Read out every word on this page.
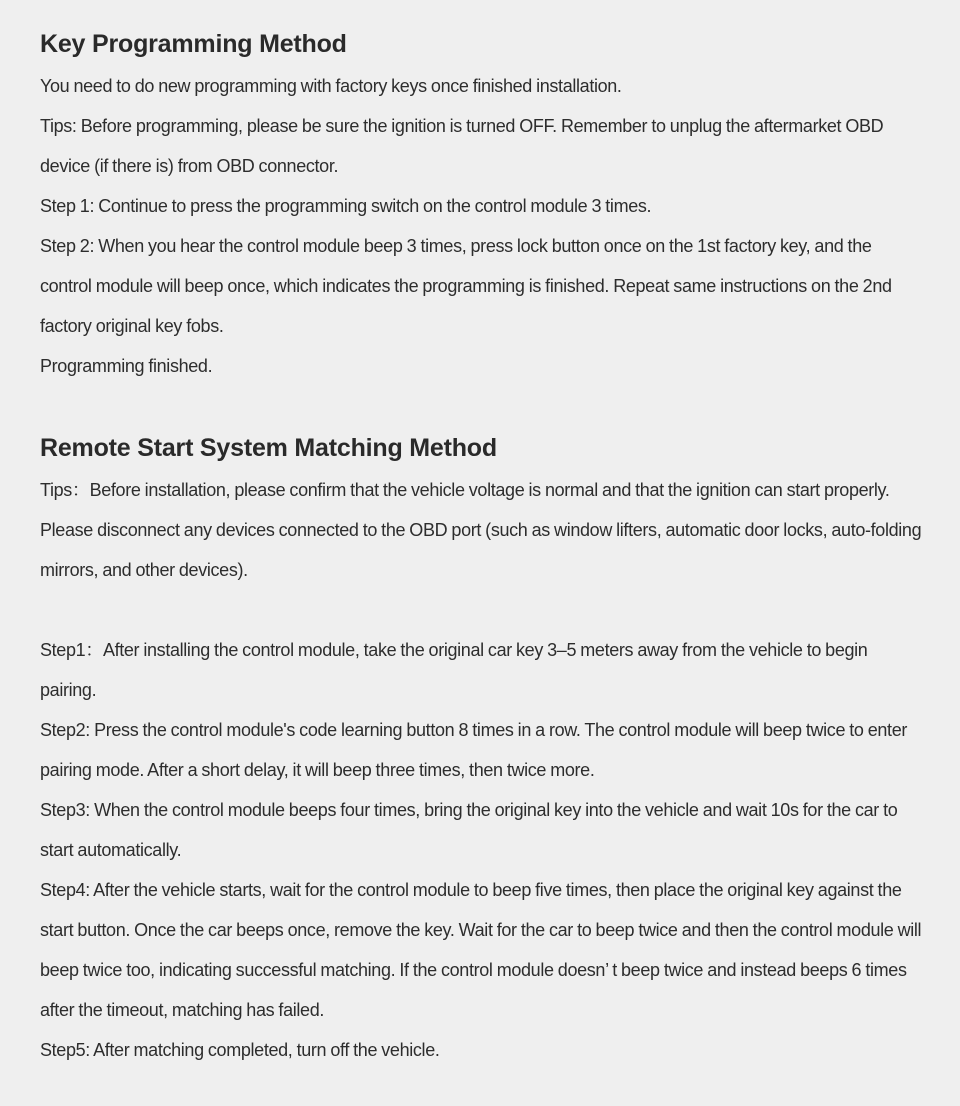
Key Programming Method

You need to do new programming with factory keys once finished installation.

Tips: Before programming, please be sure the ignition is turned OFF. Remember to unplug the aftermarket OBD device (if there is) from OBD connector.

Step 1: Continue to press the programming switch on the control module 3 times.

Step 2: When you hear the control module beep 3 times, press lock button once on the 1st factory key, and the control module will beep once, which indicates the programming is finished. Repeat same instructions on the 2nd factory original key fobs.

Programming finished.

Remote Start System Matching Method

Tips：Before installation, please confirm that the vehicle voltage is normal and that the ignition can start properly. Please disconnect any devices connected to the OBD port (such as window lifters, automatic door locks, auto-folding mirrors, and other devices).

Step1：After installing the control module, take the original car key 3–5 meters away from the vehicle to begin pairing.

Step2: Press the control module's code learning button 8 times in a row. The control module will beep twice to enter pairing mode. After a short delay, it will beep three times, then twice more.

Step3: When the control module beeps four times, bring the original key into the vehicle and wait 10s for the car to start automatically.

Step4: After the vehicle starts, wait for the control module to beep five times, then place the original key against the start button. Once the car beeps once, remove the key. Wait for the car to beep twice and then the control module will beep twice too, indicating successful matching. If the control module doesn’ t beep twice and instead beeps 6 times after the timeout, matching has failed.

Step5: After matching completed, turn off the vehicle.
